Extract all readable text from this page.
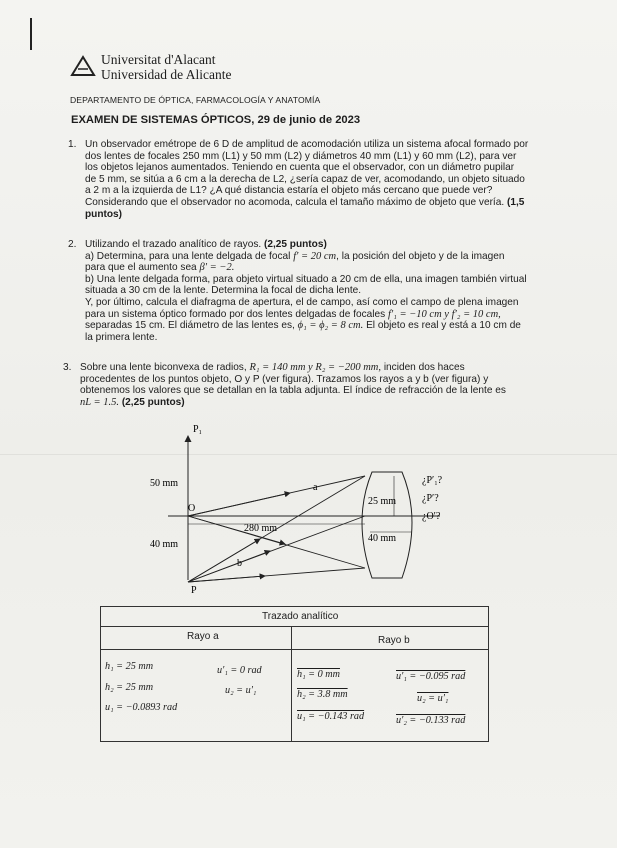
Universitat d'Alacant
Universidad de Alicante
DEPARTAMENTO DE ÓPTICA, FARMACOLOGÍA Y ANATOMÍA
EXAMEN DE SISTEMAS ÓPTICOS, 29 de junio de 2023
1. Un observador emétrope de 6 D de amplitud de acomodación utiliza un sistema afocal formado por

dos lentes de focales 250 mm (L1) y 50 mm (L2) y diámetros 40 mm (L1) y 60 mm (L2), para ver

los objetos lejanos aumentados. Teniendo en cuenta que el observador, con un diámetro pupilar

de 5 mm, se sitúa a 6 cm a la derecha de L2, ¿sería capaz de ver, acomodando, un objeto situado

a 2 m a la izquierda de L1? ¿A qué distancia estaría el objeto más cercano que puede ver?

Considerando que el observador no acomoda, calcula el tamaño máximo de objeto que vería. (1,5

puntos)

2. Utilizando el trazado analítico de rayos. (2,25 puntos)

a) Determina, para una lente delgada de focal f′ = 20 cm, la posición del objeto y de la imagen

para que el aumento sea β′ = −2.

b) Una lente delgada forma, para objeto virtual situado a 20 cm de ella, una imagen también virtual

situada a 30 cm de la lente. Determina la focal de dicha lente.

Y, por último, calcula el diafragma de apertura, el de campo, así como el campo de plena imagen

para un sistema óptico formado por dos lentes delgadas de focales f′₁ = −10 cm y f′₂ = 10 cm,

separadas 15 cm. El diámetro de las lentes es, ϕ₁ = ϕ₂ = 8 cm. El objeto es real y está a 10 cm de

la primera lente.

3. Sobre una lente biconvexa de radios, R₁ = 140 mm y R₂ = −200 mm, inciden dos haces

procedentes de los puntos objeto, O y P (ver figura). Trazamos los rayos a y b (ver figura) y

obtenemos los valores que se detallan en la tabla adjunta. El índice de refracción de la lente es

nL = 1.5. (2,25 puntos)

P₁
O
P
50 mm
40 mm
280 mm
25 mm
40 mm
a
b
¿P′₁?
¿P′?
¿O′?
Trazado analítico
Rayo a	Rayo b
h₁ = 25 mm
h₂ = 25 mm
u₁ = −0.0893 rad
u′₁ = 0 rad
u₂ = u′₁
h₁ = 0 mm
h₂ = 3.8 mm
u₁ = −0.143 rad
u′₁ = −0.095 rad
u₂ = u′₁
u′₂ = −0.133 rad
